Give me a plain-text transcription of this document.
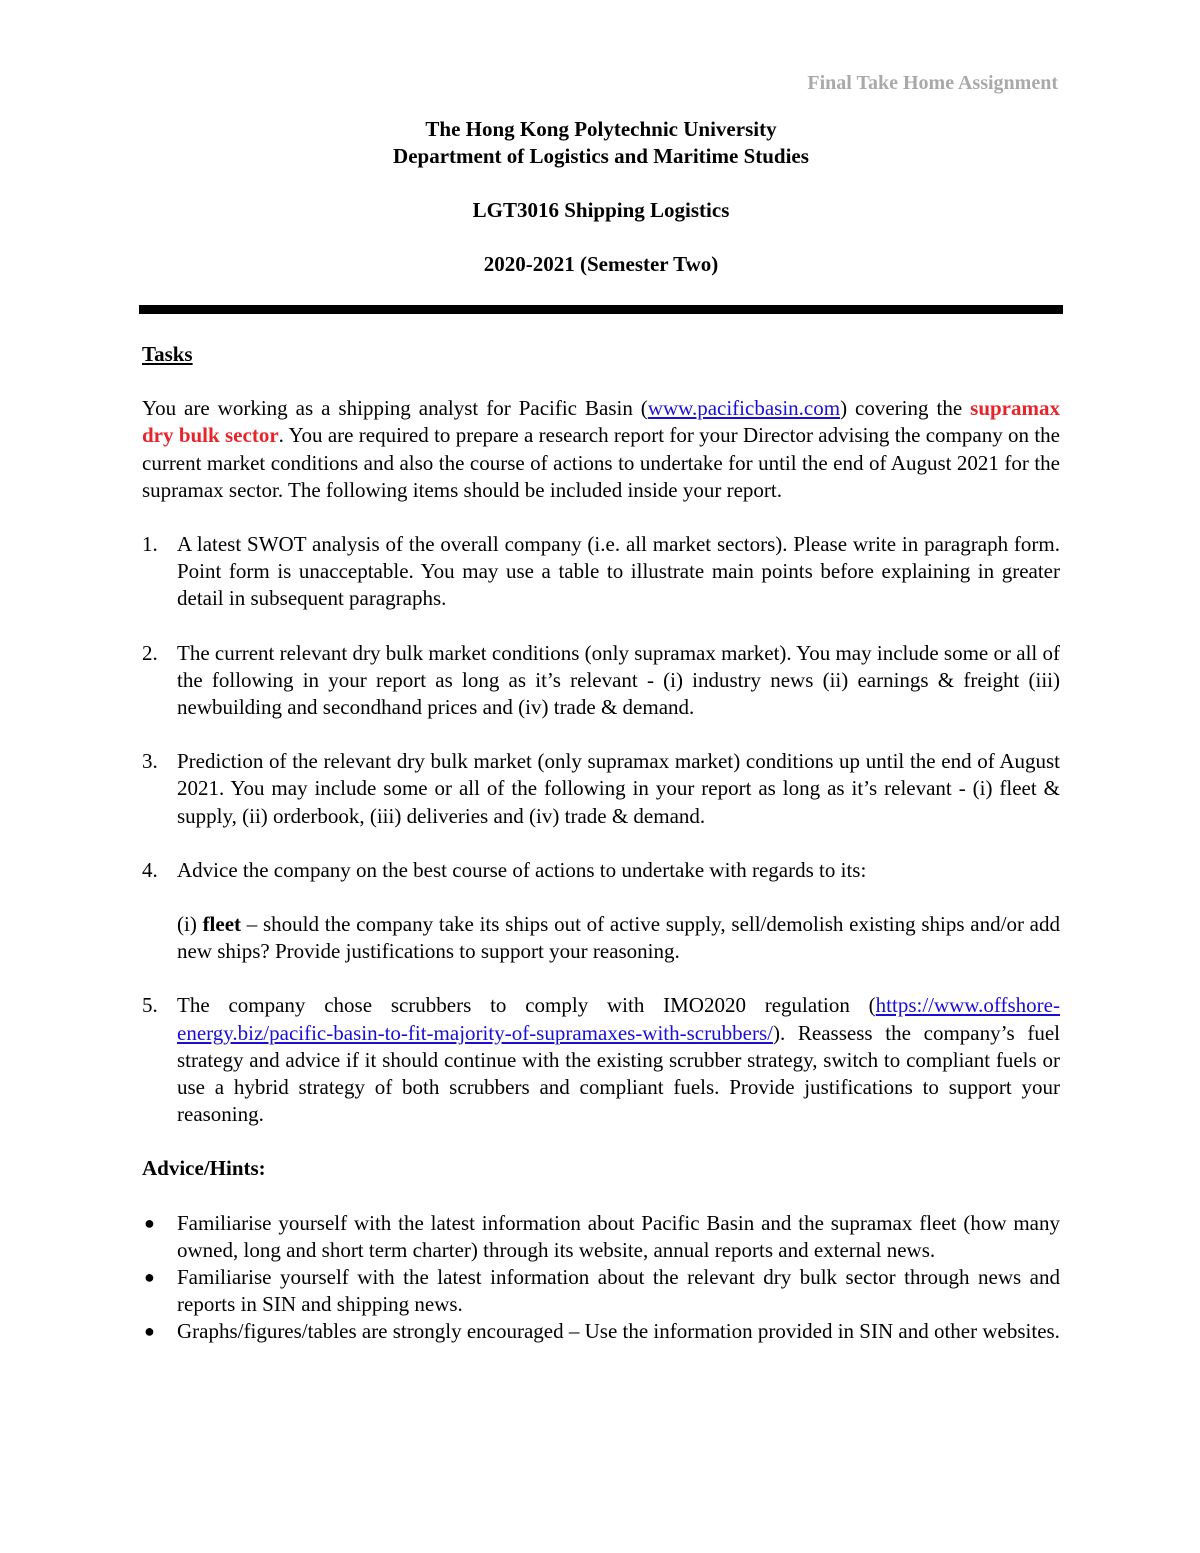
Final Take Home Assignment
The Hong Kong Polytechnic University
Department of Logistics and Maritime Studies
LGT3016 Shipping Logistics
2020-2021 (Semester Two)
Tasks
You are working as a shipping analyst for Pacific Basin (www.pacificbasin.com) covering the supramax dry bulk sector. You are required to prepare a research report for your Director advising the company on the current market conditions and also the course of actions to undertake for until the end of August 2021 for the supramax sector. The following items should be included inside your report.
1. A latest SWOT analysis of the overall company (i.e. all market sectors). Please write in paragraph form. Point form is unacceptable. You may use a table to illustrate main points before explaining in greater detail in subsequent paragraphs.
2. The current relevant dry bulk market conditions (only supramax market). You may include some or all of the following in your report as long as it’s relevant - (i) industry news (ii) earnings & freight (iii) newbuilding and secondhand prices and (iv) trade & demand.
3. Prediction of the relevant dry bulk market (only supramax market) conditions up until the end of August 2021. You may include some or all of the following in your report as long as it’s relevant - (i) fleet & supply, (ii) orderbook, (iii) deliveries and (iv) trade & demand.
4. Advice the company on the best course of actions to undertake with regards to its:
(i) fleet – should the company take its ships out of active supply, sell/demolish existing ships and/or add new ships? Provide justifications to support your reasoning.
5. The company chose scrubbers to comply with IMO2020 regulation (https://www.offshore-energy.biz/pacific-basin-to-fit-majority-of-supramaxes-with-scrubbers/). Reassess the company’s fuel strategy and advice if it should continue with the existing scrubber strategy, switch to compliant fuels or use a hybrid strategy of both scrubbers and compliant fuels. Provide justifications to support your reasoning.
Advice/Hints:
● Familiarise yourself with the latest information about Pacific Basin and the supramax fleet (how many owned, long and short term charter) through its website, annual reports and external news.
● Familiarise yourself with the latest information about the relevant dry bulk sector through news and reports in SIN and shipping news.
● Graphs/figures/tables are strongly encouraged – Use the information provided in SIN and other websites.
